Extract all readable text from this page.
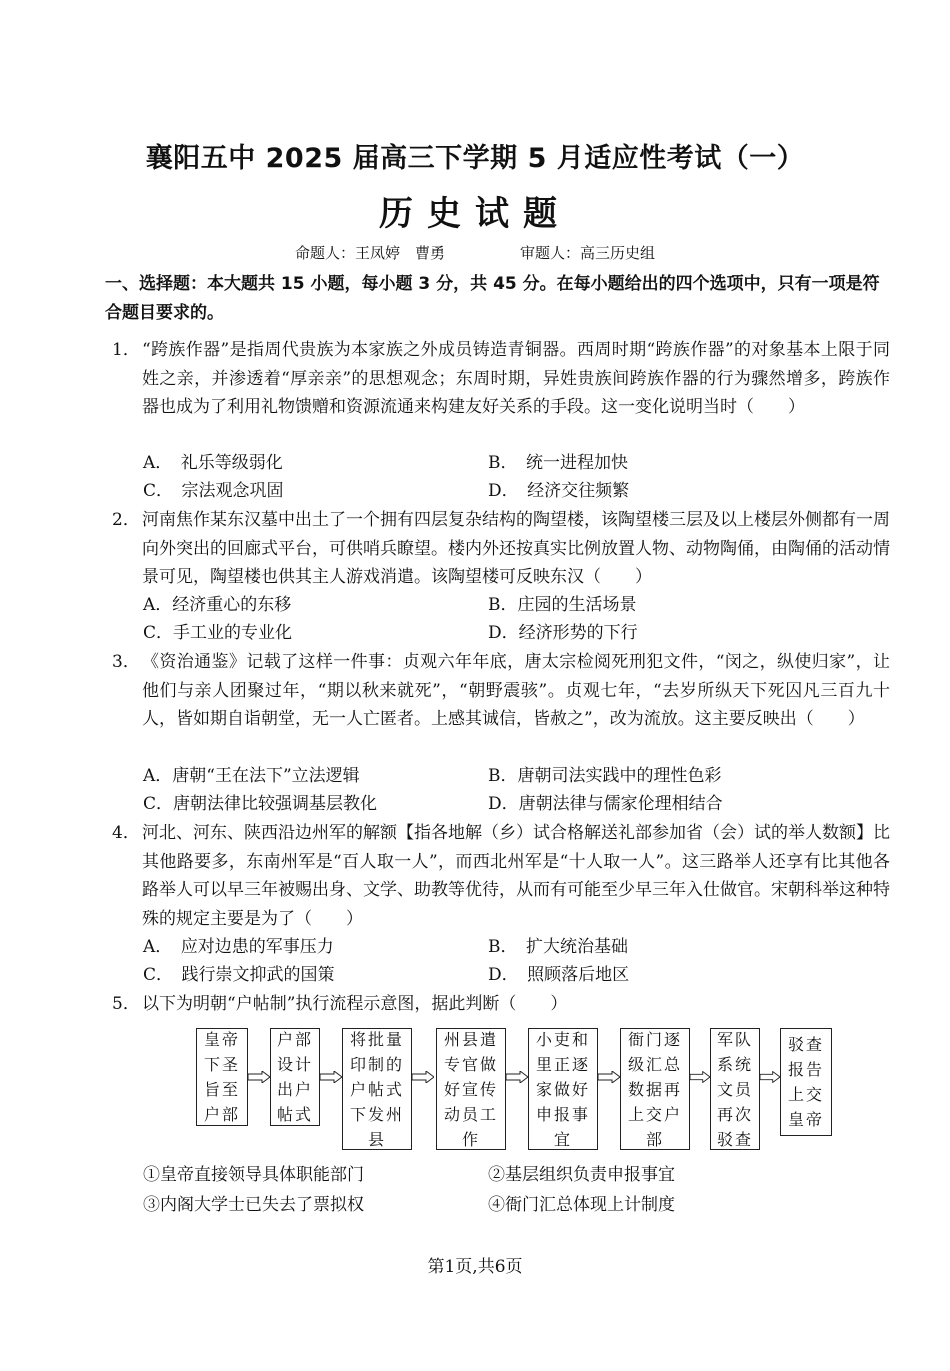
襄阳五中 2025 届高三下学期 5 月适应性考试（一）
历史试题
命题人：王凤婷　曹勇　　　　　审题人：高三历史组
一、选择题：本大题共 15 小题，每小题 3 分，共 45 分。在每小题给出的四个选项中，只有一项是符合题目要求的。
1． “跨族作器”是指周代贵族为本家族之外成员铸造青铜器。西周时期“跨族作器”的对象基本上限于同姓之亲，并渗透着“厚亲亲”的思想观念；东周时期，异姓贵族间跨族作器的行为骤然增多，跨族作器也成为了利用礼物馈赠和资源流通来构建友好关系的手段。这一变化说明当时（　　）
A．　礼乐等级弱化	B．　统一进程加快
C．　宗法观念巩固	D．　经济交往频繁
2． 河南焦作某东汉墓中出土了一个拥有四层复杂结构的陶望楼，该陶望楼三层及以上楼层外侧都有一周向外突出的回廊式平台，可供哨兵瞭望。楼内外还按真实比例放置人物、动物陶俑，由陶俑的活动情景可见，陶望楼也供其主人游戏消遣。该陶望楼可反映东汉（　　）
A．经济重心的东移	B．庄园的生活场景
C．手工业的专业化	D．经济形势的下行
3． 《资治通鉴》记载了这样一件事：贞观六年年底，唐太宗检阅死刑犯文件，“闵之，纵使归家”，让他们与亲人团聚过年，“期以秋来就死”，“朝野震骇”。贞观七年，“去岁所纵天下死囚凡三百九十人，皆如期自诣朝堂，无一人亡匿者。上感其诚信，皆赦之”，改为流放。这主要反映出（　　）
A．唐朝“王在法下”立法逻辑	B．唐朝司法实践中的理性色彩
C．唐朝法律比较强调基层教化	D．唐朝法律与儒家伦理相结合
4． 河北、河东、陕西沿边州军的解额【指各地解（乡）试合格解送礼部参加省（会）试的举人数额】比其他路要多，东南州军是“百人取一人”，而西北州军是“十人取一人”。这三路举人还享有比其他各路举人可以早三年被赐出身、文学、助教等优待，从而有可能至少早三年入仕做官。宋朝科举这种特殊的规定主要是为了（　　）
A．　应对边患的军事压力	B．　扩大统治基础
C．　践行崇文抑武的国策	D．　照顾落后地区
5． 以下为明朝“户帖制”执行流程示意图，据此判断（　　）
皇帝下圣旨至户部
户部设计出户帖式
将批量印制的户帖式下发州县
州县遣专官做好宣传动员工作
小吏和里正逐家做好申报事宜
衙门逐级汇总数据再上交户部
军队系统文员再次驳查
驳查报告上交皇帝
①皇帝直接领导具体职能部门	②基层组织负责申报事宜
③内阁大学士已失去了票拟权	④衙门汇总体现上计制度
第1页,共6页
